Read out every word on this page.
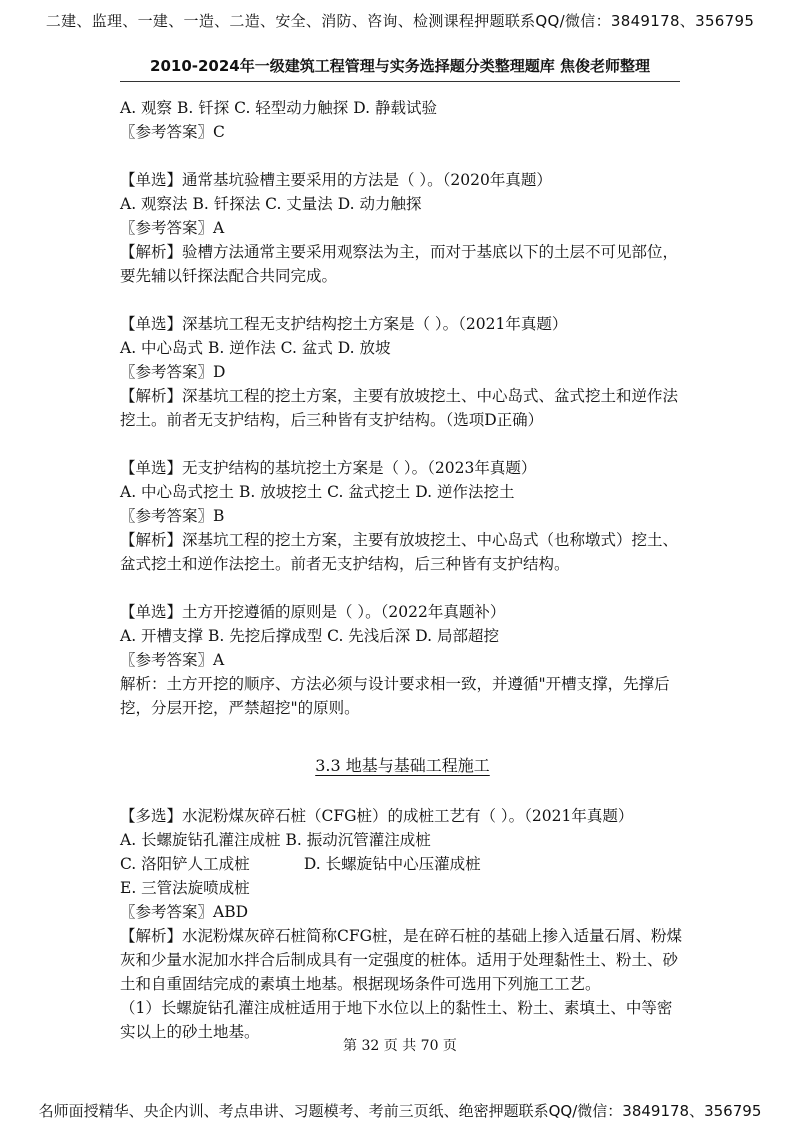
二建、监理、一建、一造、二造、安全、消防、咨询、检测课程押题联系QQ/微信：3849178、356795
2010-2024年一级建筑工程管理与实务选择题分类整理题库 焦俊老师整理

A. 观察 B. 钎探 C. 轻型动力触探 D. 静载试验

〖参考答案〗C

【单选】通常基坑验槽主要采用的方法是（ ）。（2020年真题）

A. 观察法 B. 钎探法 C. 丈量法 D. 动力触探

〖参考答案〗A

【解析】验槽方法通常主要采用观察法为主，而对于基底以下的土层不可见部位，要先辅以钎探法配合共同完成。

【单选】深基坑工程无支护结构挖土方案是（ ）。（2021年真题）

A. 中心岛式 B. 逆作法 C. 盆式 D. 放坡

〖参考答案〗D

【解析】深基坑工程的挖土方案，主要有放坡挖土、中心岛式、盆式挖土和逆作法挖土。前者无支护结构，后三种皆有支护结构。（选项D正确）

【单选】无支护结构的基坑挖土方案是（ ）。（2023年真题）

A. 中心岛式挖土 B. 放坡挖土 C. 盆式挖土 D. 逆作法挖土

〖参考答案〗B

【解析】深基坑工程的挖土方案，主要有放坡挖土、中心岛式（也称墩式）挖土、盆式挖土和逆作法挖土。前者无支护结构，后三种皆有支护结构。

【单选】土方开挖遵循的原则是（ ）。（2022年真题补）

A. 开槽支撑 B. 先挖后撑成型 C. 先浅后深 D. 局部超挖

〖参考答案〗A

解析：土方开挖的顺序、方法必须与设计要求相一致，并遵循"开槽支撑，先撑后挖，分层开挖，严禁超挖"的原则。

3.3 地基与基础工程施工

【多选】水泥粉煤灰碎石桩（CFG桩）的成桩工艺有（ ）。（2021年真题）

A. 长螺旋钻孔灌注成桩 B. 振动沉管灌注成桩

C. 洛阳铲人工成桩           D. 长螺旋钻中心压灌成桩

E. 三管法旋喷成桩

〖参考答案〗ABD

【解析】水泥粉煤灰碎石桩简称CFG桩，是在碎石桩的基础上掺入适量石屑、粉煤灰和少量水泥加水拌合后制成具有一定强度的桩体。适用于处理黏性土、粉土、砂土和自重固结完成的素填土地基。根据现场条件可选用下列施工工艺。

（1）长螺旋钻孔灌注成桩适用于地下水位以上的黏性土、粉土、素填土、中等密实以上的砂土地基。

第 32 页 共 70 页
名师面授精华、央企内训、考点串讲、习题模考、考前三页纸、绝密押题联系QQ/微信：3849178、356795
